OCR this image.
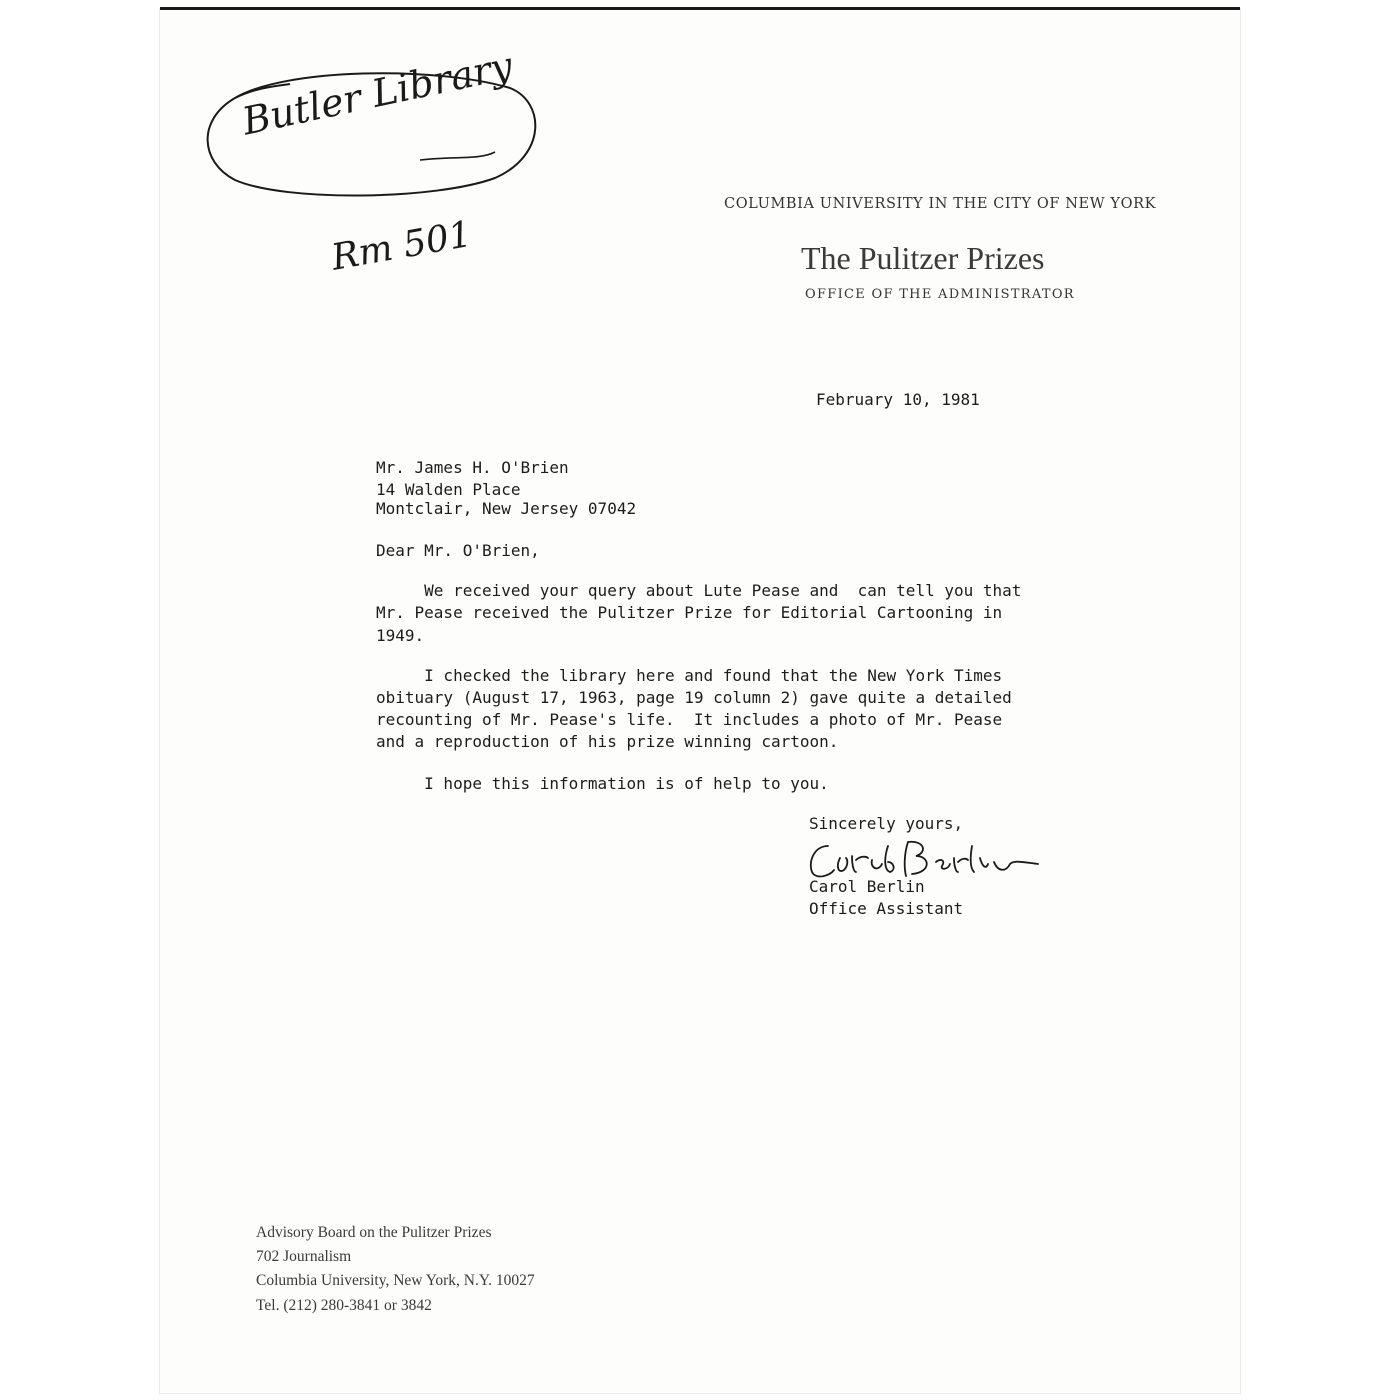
Butler Library
Rm 501
COLUMBIA UNIVERSITY IN THE CITY OF NEW YORK
The Pulitzer Prizes
OFFICE OF THE ADMINISTRATOR
February 10, 1981
Mr. James H. O'Brien
14 Walden Place
Montclair, New Jersey 07042
Dear Mr. O'Brien,
We received your query about Lute Pease and  can tell you that
Mr. Pease received the Pulitzer Prize for Editorial Cartooning in
1949.
I checked the library here and found that the New York Times
obituary (August 17, 1963, page 19 column 2) gave quite a detailed
recounting of Mr. Pease's life.  It includes a photo of Mr. Pease
and a reproduction of his prize winning cartoon.
I hope this information is of help to you.
Sincerely yours,
Carol Berlin
Office Assistant
Advisory Board on the Pulitzer Prizes
702 Journalism
Columbia University, New York, N.Y. 10027
Tel. (212) 280-3841 or 3842
